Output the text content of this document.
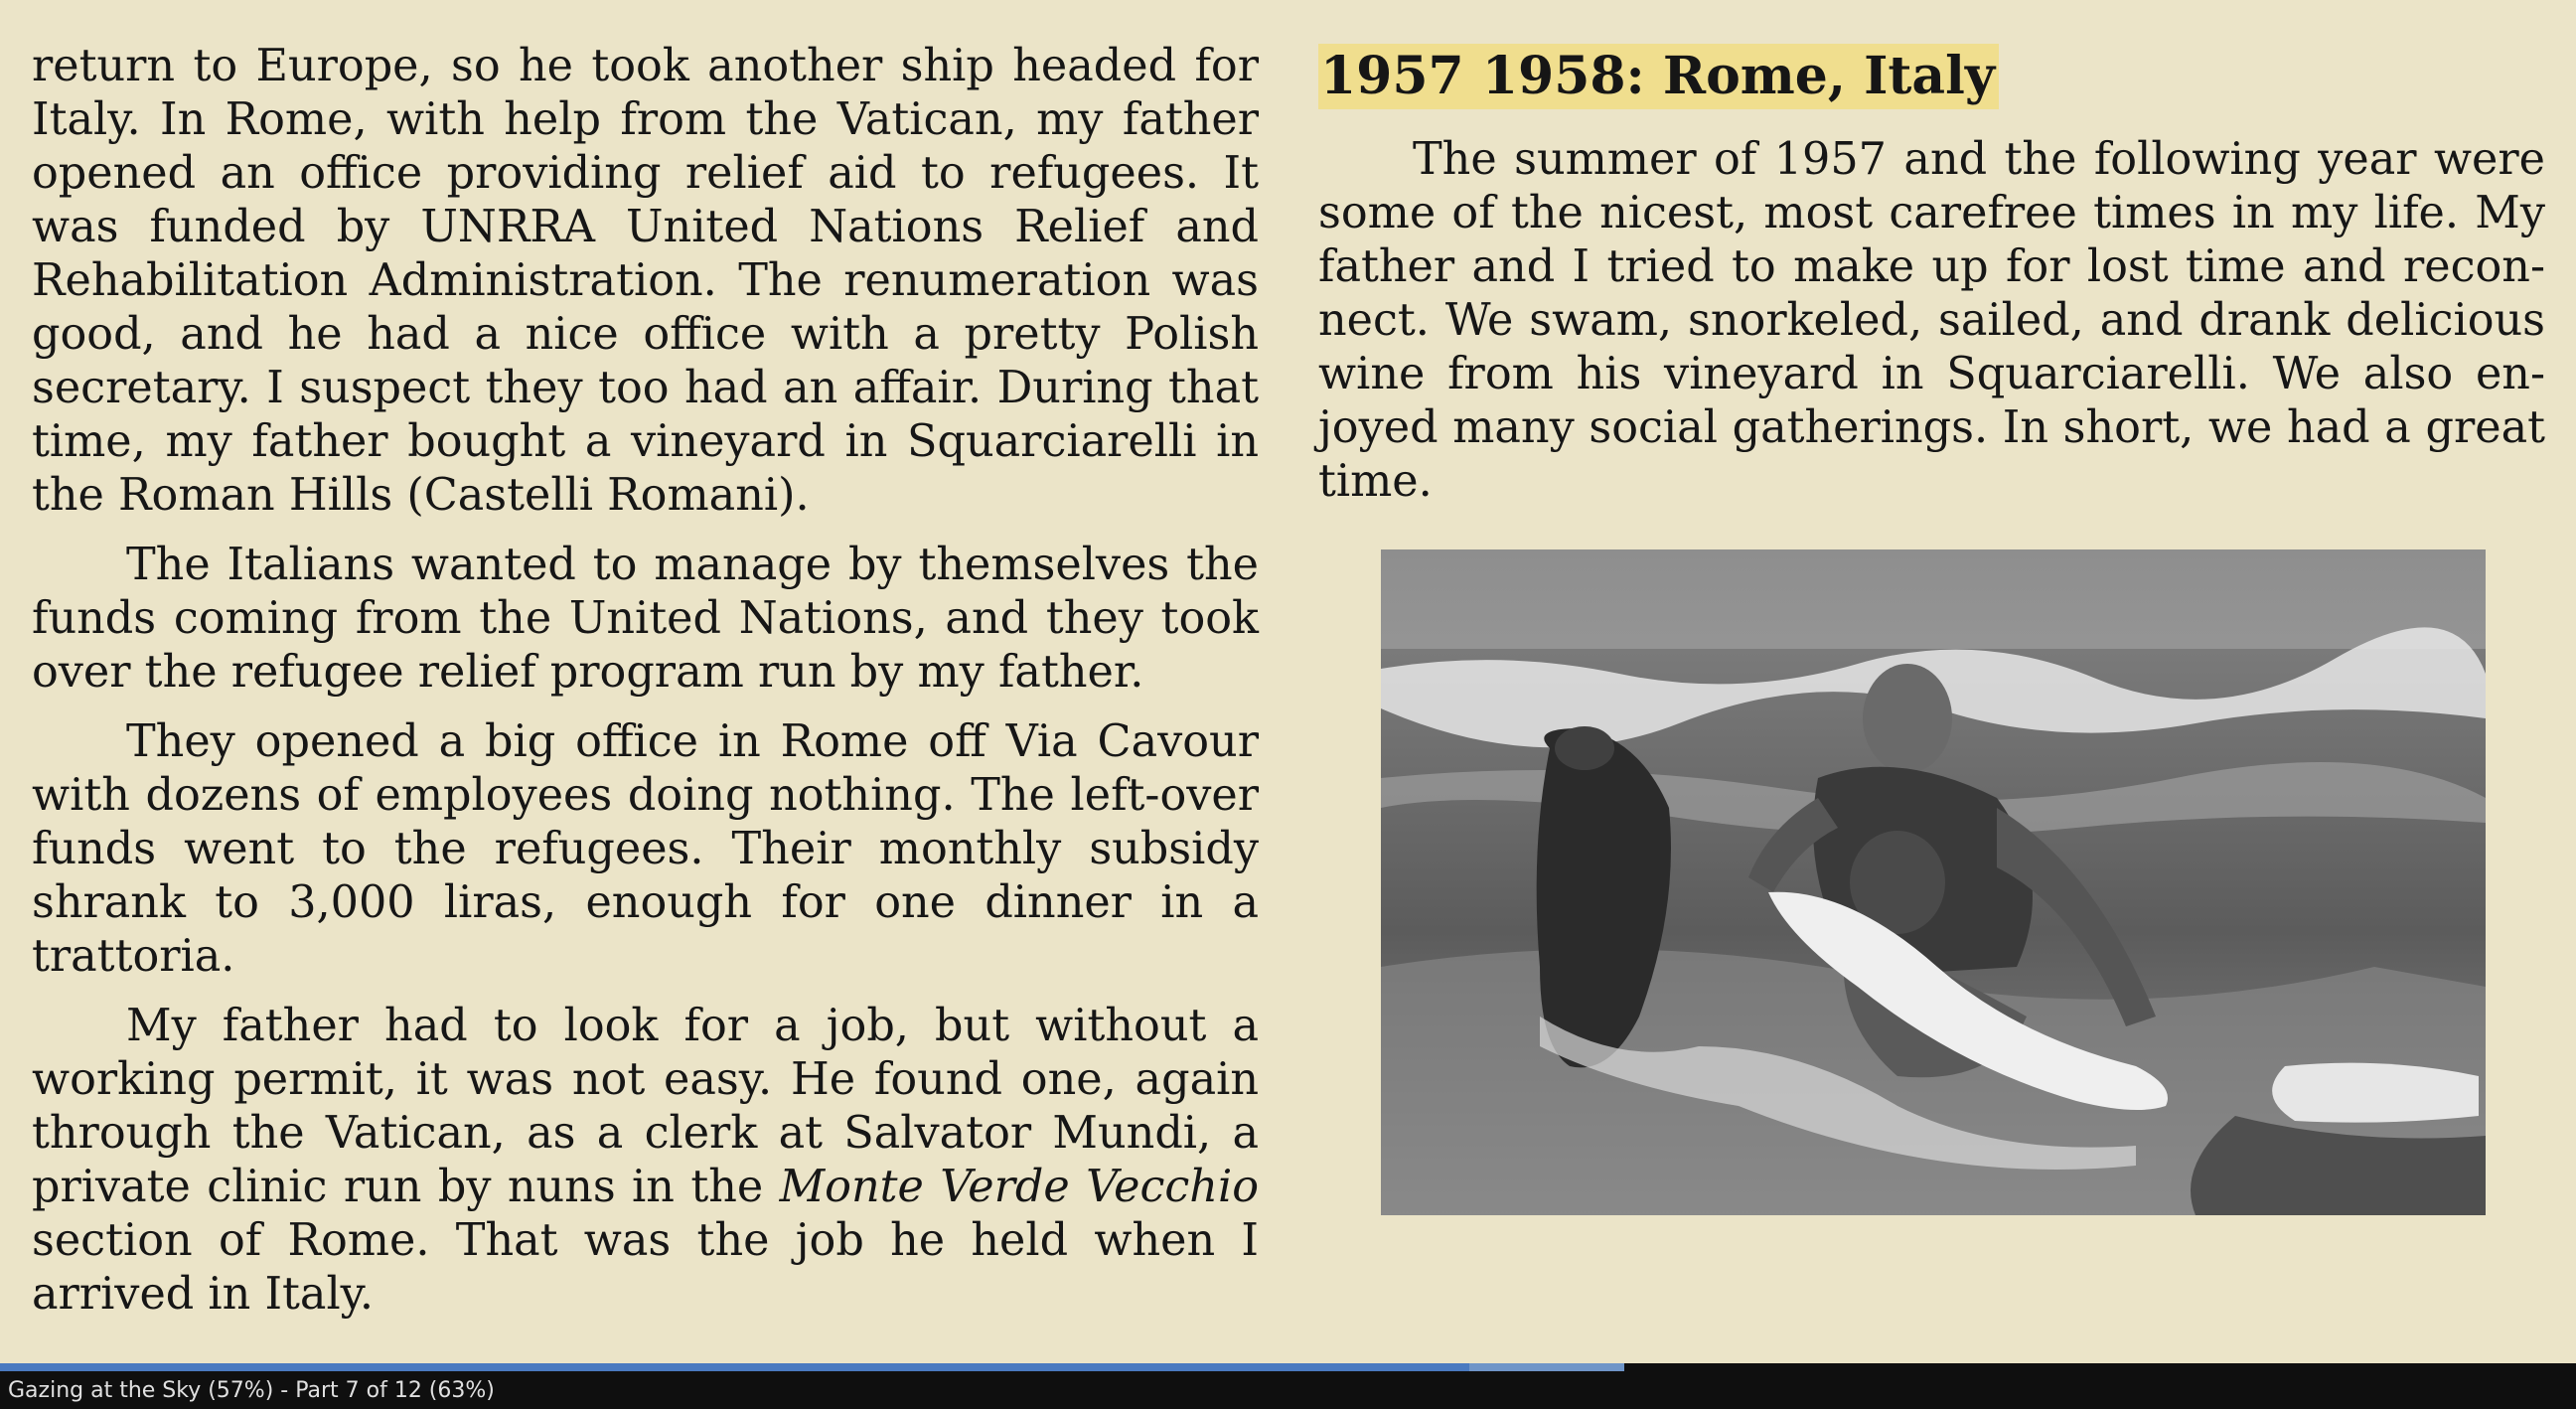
return to Europe, so he took another ship headed for Italy. In Rome, with help from the Vatican, my father opened an office providing relief aid to refugees. It was funded by UNRRA United Nations Relief and Rehabilitation Administration. The renumeration was good, and he had a nice office with a pretty Polish secretary. I suspect they too had an affair. During that time, my father bought a vineyard in Squarciarelli in the Roman Hills (Castelli Romani).

The Italians wanted to manage by themselves the funds coming from the United Nations, and they took over the refugee relief program run by my father.

They opened a big office in Rome off Via Cavour with dozens of employees doing nothing. The left-over funds went to the refugees. Their monthly subsidy shrank to 3,000 liras, enough for one dinner in a trattoria.

My father had to look for a job, but without a working permit, it was not easy. He found one, again through the Vatican, as a clerk at Salvator Mundi, a private clinic run by nuns in the Monte Verde Vecchio section of Rome. That was the job he held when I arrived in Italy.

1957 1958: Rome, Italy

The summer of 1957 and the following year were some of the nicest, most carefree times in my life. My father and I tried to make up for lost time and reconnect. We swam, snorkeled, sailed, and drank delicious wine from his vineyard in Squarciarelli. We also enjoyed many social gatherings. In short, we had a great time.

Gazing at the Sky (57%) - Part 7 of 12 (63%)
